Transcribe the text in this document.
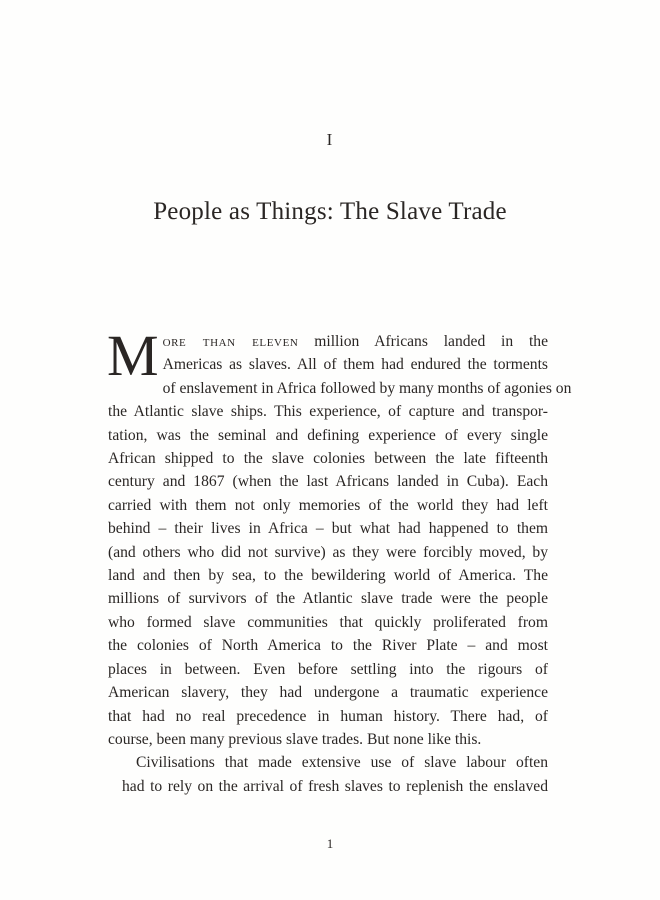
I
People as Things: The Slave Trade

M ore than eleven million Africans landed in the
Americas as slaves. All of them had endured the torments
of enslavement in Africa followed by many months of agonies on
the Atlantic slave ships. This experience, of capture and transpor-
tation, was the seminal and defining experience of every single
African shipped to the slave colonies between the late fifteenth
century and 1867 (when the last Africans landed in Cuba). Each
carried with them not only memories of the world they had left
behind – their lives in Africa – but what had happened to them
(and others who did not survive) as they were forcibly moved, by
land and then by sea, to the bewildering world of America. The
millions of survivors of the Atlantic slave trade were the people
who formed slave communities that quickly proliferated from
the colonies of North America to the River Plate – and most
places in between. Even before settling into the rigours of
American slavery, they had undergone a traumatic experience
that had no real precedence in human history. There had, of
course, been many previous slave trades. But none like this.

Civilisations that made extensive use of slave labour often
had to rely on the arrival of fresh slaves to replenish the enslaved

1
